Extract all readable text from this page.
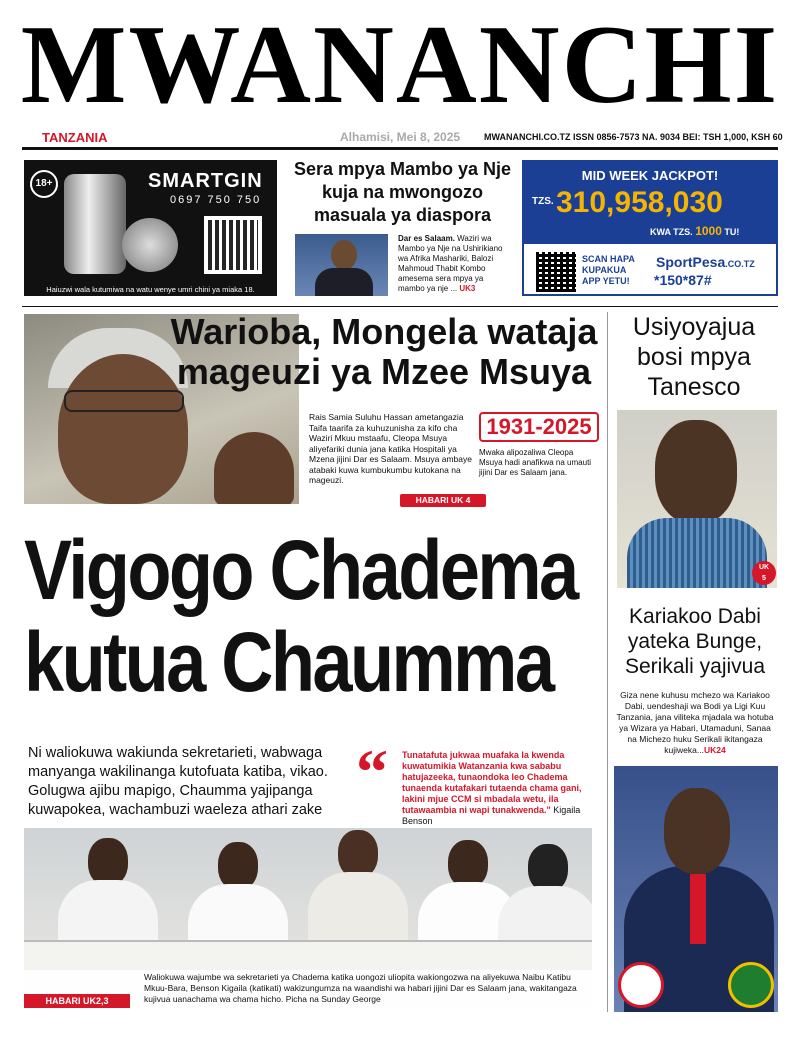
MWANANCHI
TANZANIA	Alhamisi, Mei 8, 2025	MWANANCHI.CO.TZ ISSN 0856-7573 NA. 9034 BEI: TSH 1,000, KSH 60
18+	SMARTGIN
0697 750 750
Haiuzwi wala kutumiwa na watu wenye umri chini ya miaka 18.
Sera mpya Mambo ya Nje kuja na mwongozo masuala ya diaspora
Dar es Salaam. Waziri wa Mambo ya Nje na Ushirikiano wa Afrika Mashariki, Balozi Mahmoud Thabit Kombo amesema sera mpya ya mambo ya nje ... UK3
MID WEEK JACKPOT!
TZS. 310,958,030
KWA TZS. 1000 TU!
SCAN HAPA KUPAKUA APP YETU!
SportPesa.CO.TZ
*150*87#
Warioba, Mongela wataja mageuzi ya Mzee Msuya
Rais Samia Suluhu Hassan ametangazia Taifa taarifa za kuhuzunisha za kifo cha Waziri Mkuu mstaafu, Cleopa Msuya aliyefariki dunia jana katika Hospitali ya Mzena jijini Dar es Salaam. Msuya ambaye atabaki kuwa kumbukumbu kutokana na mageuzi.
1931-2025
Mwaka alipozaliwa Cleopa Msuya hadi anafikwa na umauti jijini Dar es Salaam jana.
HABARI UK 4
Usiyoyajua bosi mpya Tanesco
UK
5
Kariakoo Dabi yateka Bunge, Serikali yajivua
Giza nene kuhusu mchezo wa Kariakoo Dabi, uendeshaji wa Bodi ya Ligi Kuu Tanzania, jana viliteka mjadala wa hotuba ya Wizara ya Habari, Utamaduni, Sanaa na Michezo huku Serikali ikitangaza kujiweka...UK24
Vigogo Chadema
kutua Chaumma
Ni waliokuwa wakiunda sekretarieti, wabwaga manyanga wakilinanga kutofuata katiba, vikao. Golugwa ajibu mapigo, Chaumma yajipanga kuwapokea, wachambuzi waeleza athari zake
“ Tunatafuta jukwaa muafaka la kwenda kuwatumikia Watanzania kwa sababu hatujazeeka, tunaondoka leo Chadema tunaenda kutafakari tutaenda chama gani, lakini mjue CCM si mbadala wetu, ila tutawaambia ni wapi tunakwenda." Kigaila Benson
HABARI UK2,3
Waliokuwa wajumbe wa sekretarieti ya Chadema katika uongozi uliopita wakiongozwa na aliyekuwa Naibu Katibu Mkuu-Bara, Benson Kigaila (katikati) wakizungumza na waandishi wa habari jijini Dar es Salaam jana, wakitangaza kujivua uanachama wa chama hicho. Picha na Sunday George
